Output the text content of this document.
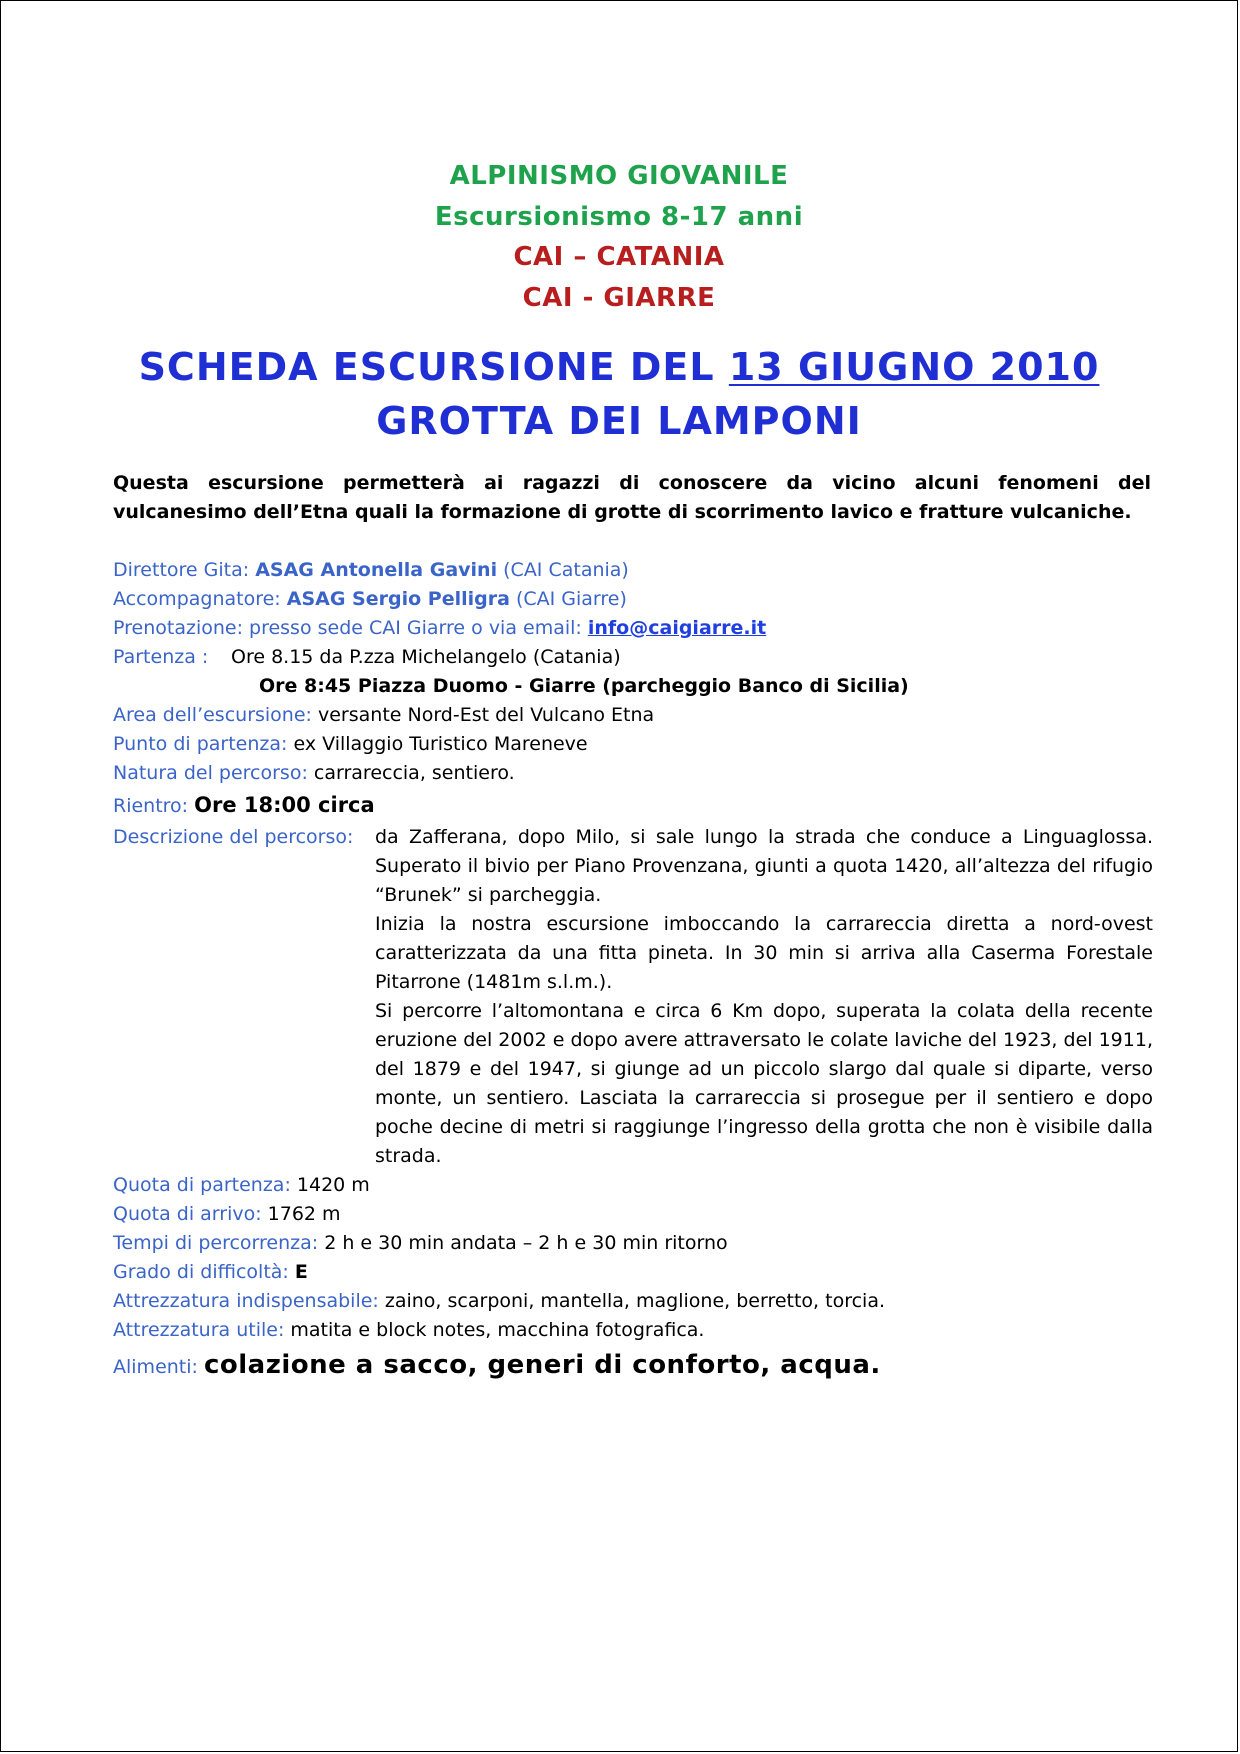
ALPINISMO GIOVANILE
Escursionismo 8-17 anni
CAI – CATANIA
CAI - GIARRE
SCHEDA ESCURSIONE DEL 13 GIUGNO 2010
GROTTA DEI LAMPONI
Questa escursione permetterà ai ragazzi di conoscere da vicino alcuni fenomeni del vulcanesimo dell’Etna quali la formazione di grotte di scorrimento lavico e fratture vulcaniche.
Direttore Gita: ASAG Antonella Gavini (CAI Catania)
Accompagnatore: ASAG Sergio Pelligra (CAI Giarre)
Prenotazione: presso sede CAI Giarre o via email: info@caigiarre.it
Partenza : Ore 8.15 da P.zza Michelangelo (Catania)
Ore 8:45 Piazza Duomo - Giarre (parcheggio Banco di Sicilia)
Area dell’escursione: versante Nord-Est del Vulcano Etna
Punto di partenza: ex Villaggio Turistico Mareneve
Natura del percorso: carrareccia, sentiero.
Rientro: Ore 18:00 circa
Descrizione del percorso: da Zafferana, dopo Milo, si sale lungo la strada che conduce a Linguaglossa. Superato il bivio per Piano Provenzana, giunti a quota 1420, all’altezza del rifugio “Brunek” si parcheggia.

Inizia la nostra escursione imboccando la carrareccia diretta a nord-ovest caratterizzata da una fitta pineta. In 30 min si arriva alla Caserma Forestale Pitarrone (1481m s.l.m.).

Si percorre l’altomontana e circa 6 Km dopo, superata la colata della recente eruzione del 2002 e dopo avere attraversato le colate laviche del 1923, del 1911, del 1879 e del 1947, si giunge ad un piccolo slargo dal quale si diparte, verso monte, un sentiero. Lasciata la carrareccia si prosegue per il sentiero e dopo poche decine di metri si raggiunge l’ingresso della grotta che non è visibile dalla strada.

Quota di partenza: 1420 m
Quota di arrivo: 1762 m
Tempi di percorrenza: 2 h e 30 min andata – 2 h e 30 min ritorno
Grado di difficoltà: E
Attrezzatura indispensabile: zaino, scarponi, mantella, maglione, berretto, torcia.
Attrezzatura utile: matita e block notes, macchina fotografica.
Alimenti: colazione a sacco, generi di conforto, acqua.
